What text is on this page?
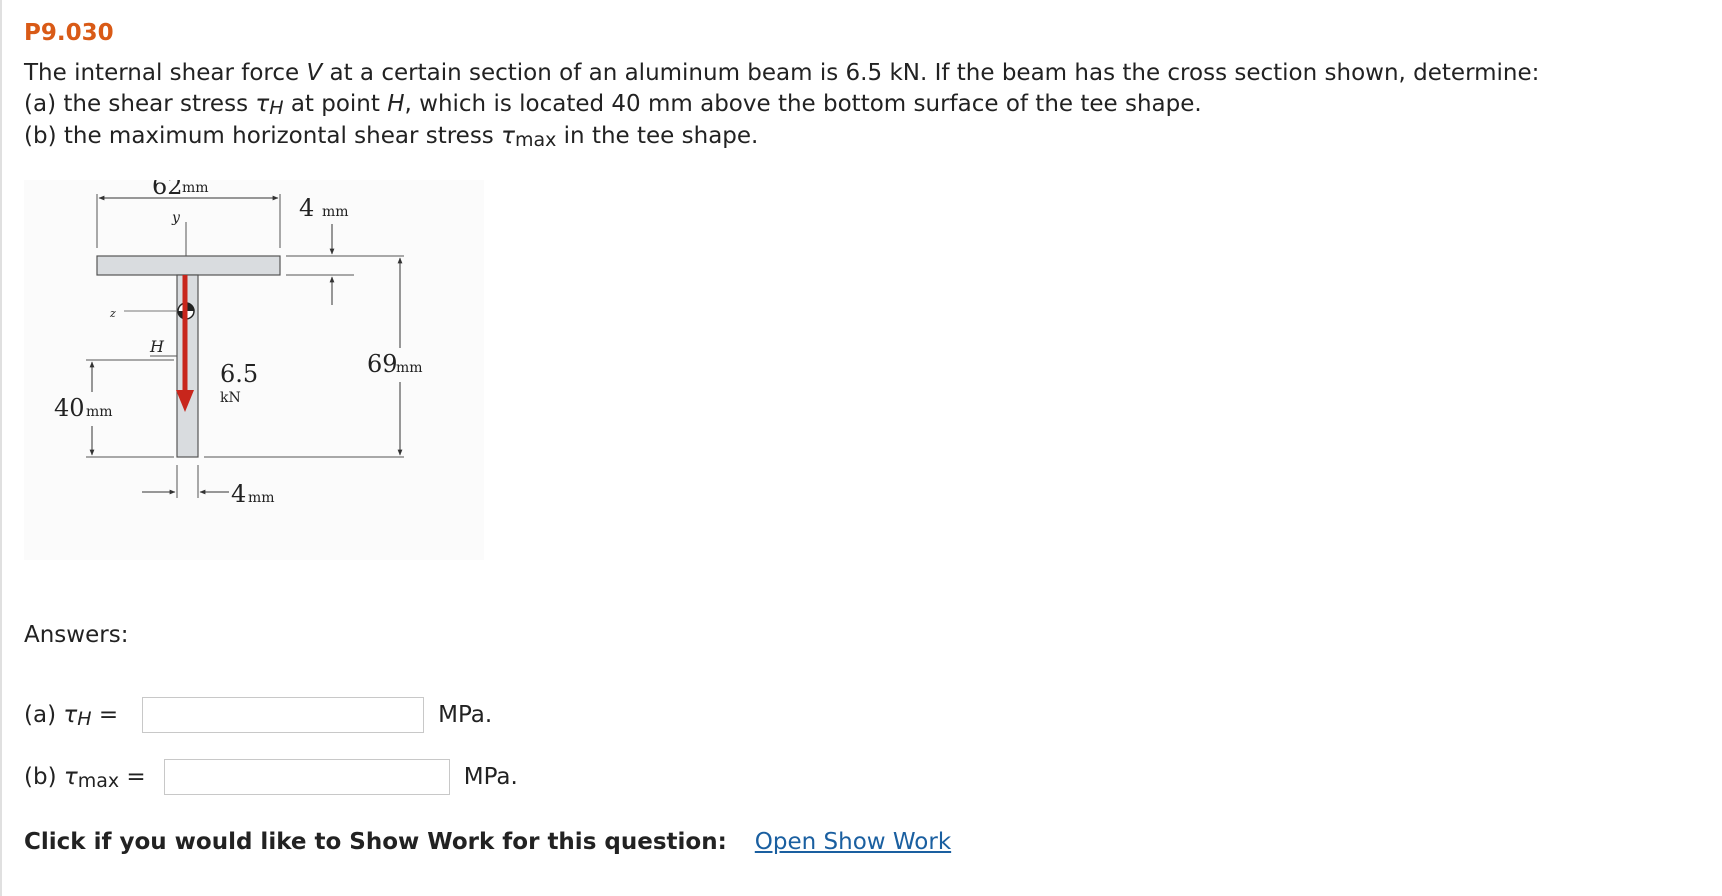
P9.030

The internal shear force V at a certain section of an aluminum beam is 6.5 kN. If the beam has the cross section shown, determine:

(a) the shear stress $\tau_H$ at point H, which is located 40 mm above the bottom surface of the tee shape.

(b) the maximum horizontal shear stress $\tau_{max}$ in the tee shape.

y
z
H
6.5
kN
62 mm
4 mm
69
mm
40 mm
4 mm
Answers:
(a) $\tau_H$ =	MPa.
(b) $\tau_{max}$ =	MPa.
Click if you would like to Show Work for this question: Open Show Work
